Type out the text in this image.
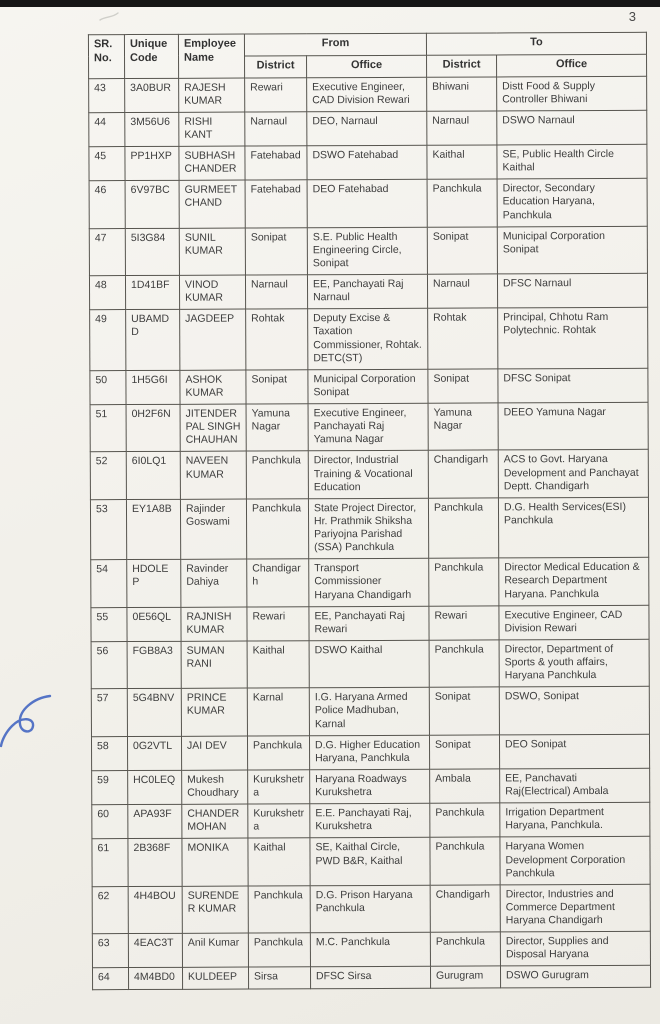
3
SR. No.	Unique Code	Employee Name	From		To	
			District	Office	District	Office
43	3A0BUR	RAJESH KUMAR	Rewari	Executive Engineer, CAD Division Rewari	Bhiwani	Distt Food & Supply Controller Bhiwani
44	3M56U6	RISHI KANT	Narnaul	DEO, Narnaul	Narnaul	DSWO Narnaul
45	PP1HXP	SUBHASH CHANDER	Fatehabad	DSWO Fatehabad	Kaithal	SE, Public Health Circle Kaithal
46	6V97BC	GURMEET CHAND	Fatehabad	DEO Fatehabad	Panchkula	Director, Secondary Education Haryana, Panchkula
47	5I3G84	SUNIL KUMAR	Sonipat	S.E. Public Health Engineering Circle, Sonipat	Sonipat	Municipal Corporation Sonipat
48	1D41BF	VINOD KUMAR	Narnaul	EE, Panchayati Raj Narnaul	Narnaul	DFSC Narnaul
49	UBAMDD	JAGDEEP	Rohtak	Deputy Excise & Taxation Commissioner, Rohtak. DETC(ST)	Rohtak	Principal, Chhotu Ram Polytechnic. Rohtak
50	1H5G6I	ASHOK KUMAR	Sonipat	Municipal Corporation Sonipat	Sonipat	DFSC Sonipat
51	0H2F6N	JITENDER PAL SINGH CHAUHAN	Yamuna Nagar	Executive Engineer, Panchayati Raj Yamuna Nagar	Yamuna Nagar	DEEO Yamuna Nagar
52	6I0LQ1	NAVEEN KUMAR	Panchkula	Director, Industrial Training & Vocational Education	Chandigarh	ACS to Govt. Haryana Development and Panchayat Deptt. Chandigarh
53	EY1A8B	Rajinder Goswami	Panchkula	State Project Director, Hr. Prathmik Shiksha Pariyojna Parishad (SSA) Panchkula	Panchkula	D.G. Health Services(ESI) Panchkula
54	HDOLEP	Ravinder Dahiya	Chandigarh	Transport Commissioner Haryana Chandigarh	Panchkula	Director Medical Education & Research Department Haryana. Panchkula
55	0E56QL	RAJNISH KUMAR	Rewari	EE, Panchayati Raj Rewari	Rewari	Executive Engineer, CAD Division Rewari
56	FGB8A3	SUMAN RANI	Kaithal	DSWO Kaithal	Panchkula	Director, Department of Sports & youth affairs, Haryana Panchkula
57	5G4BNV	PRINCE KUMAR	Karnal	I.G. Haryana Armed Police Madhuban, Karnal	Sonipat	DSWO, Sonipat
58	0G2VTL	JAI DEV	Panchkula	D.G. Higher Education Haryana, Panchkula	Sonipat	DEO Sonipat
59	HC0LEQ	Mukesh Choudhary	Kurukshetra	Haryana Roadways Kurukshetra	Ambala	EE, Panchavati Raj(Electrical) Ambala
60	APA93F	CHANDER MOHAN	Kurukshetra	E.E. Panchayati Raj, Kurukshetra	Panchkula	Irrigation Department Haryana, Panchkula.
61	2B368F	MONIKA	Kaithal	SE, Kaithal Circle, PWD B&R, Kaithal	Panchkula	Haryana Women Development Corporation Panchkula
62	4H4BOU	SURENDER KUMAR	Panchkula	D.G. Prison Haryana Panchkula	Chandigarh	Director, Industries and Commerce Department Haryana Chandigarh
63	4EAC3T	Anil Kumar	Panchkula	M.C. Panchkula	Panchkula	Director, Supplies and Disposal Haryana
64	4M4BD0	KULDEEP	Sirsa	DFSC Sirsa	Gurugram	DSWO Gurugram
